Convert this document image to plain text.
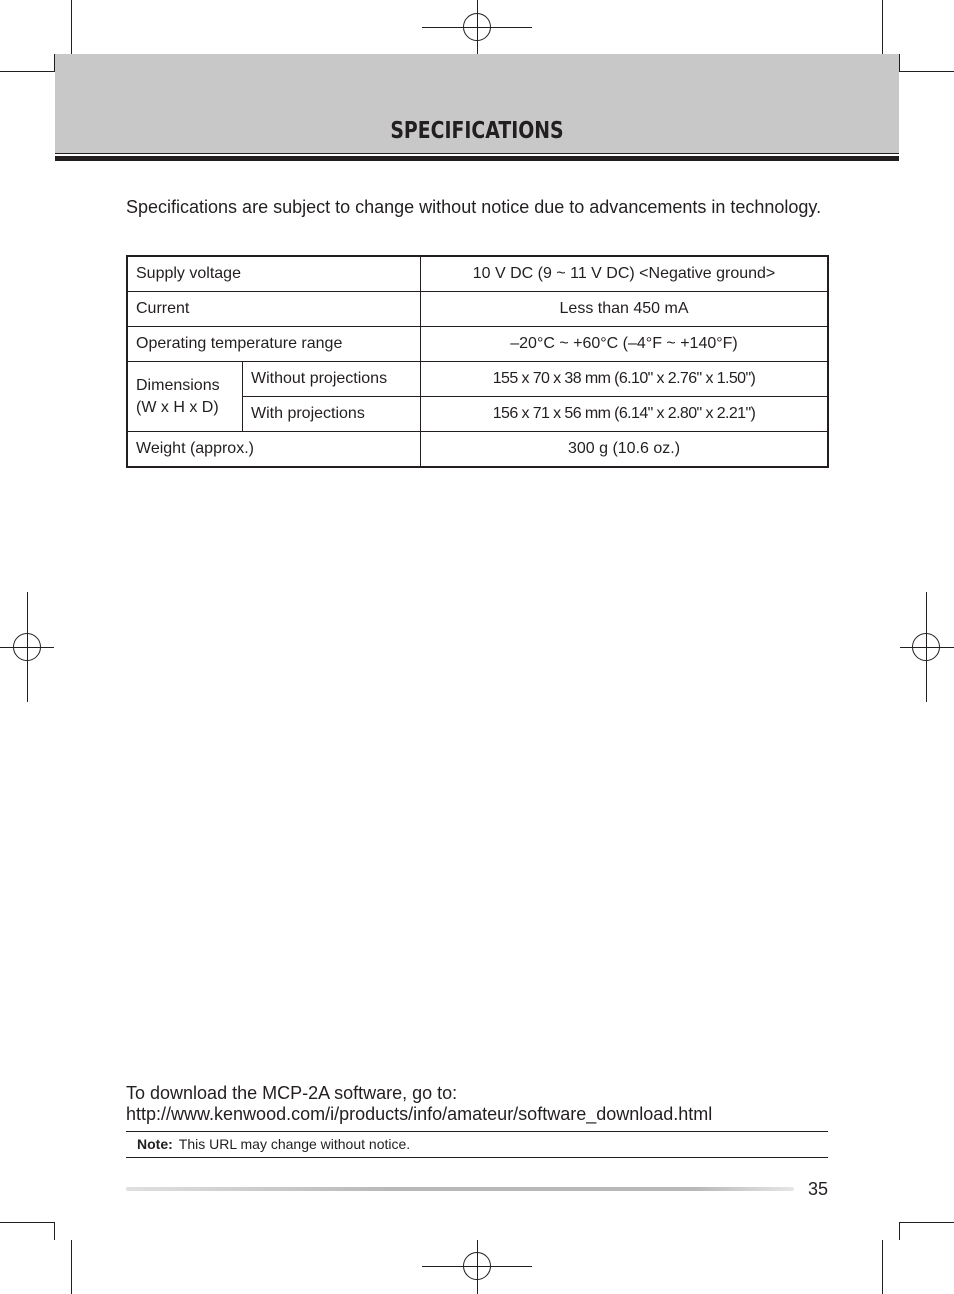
SPECIFICATIONS
Specifications are subject to change without notice due to advancements in technology.
Supply voltage		10 V DC (9 ~ 11 V DC) <Negative ground>
Current		Less than 450 mA
Operating temperature range		–20°C ~ +60°C (–4°F ~ +140°F)
Dimensions
(W x H x D)	Without projections	155 x 70 x 38 mm (6.10" x 2.76" x 1.50")
	With projections	156 x 71 x 56 mm (6.14" x 2.80" x 2.21")
Weight (approx.)		300 g (10.6 oz.)
To download the MCP-2A software, go to:
http://www.kenwood.com/i/products/info/amateur/software_download.html
Note: This URL may change without notice.
35
